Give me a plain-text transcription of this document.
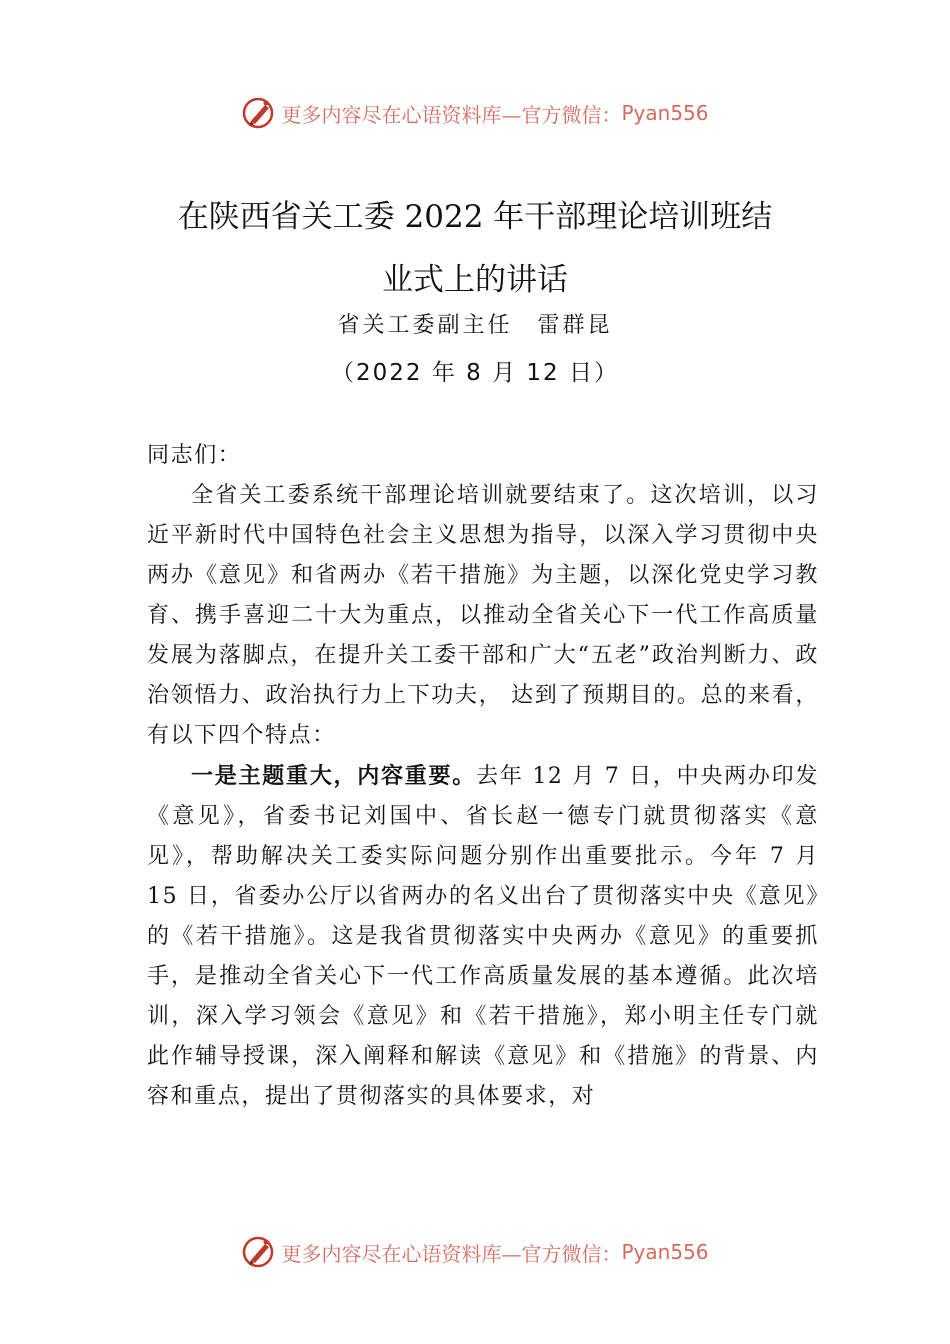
更多内容尽在心语资料库—官方微信： Pyan556
在陕西省关工委 2022 年干部理论培训班结
业式上的讲话
省关工委副主任　雷群昆
（2022 年 8 月 12 日）

同志们：

全省关工委系统干部理论培训就要结束了。这次培训，以习近平新时代中国特色社会主义思想为指导，以深入学习贯彻中央两办《意见》和省两办《若干措施》为主题，以深化党史学习教育、携手喜迎二十大为重点，以推动全省关心下一代工作高质量发展为落脚点，在提升关工委干部和广大“五老”政治判断力、政治领悟力、政治执行力上下功夫， 达到了预期目的。总的来看，有以下四个特点：

一是主题重大，内容重要。去年 12 月 7 日，中央两办印发《意见》，省委书记刘国中、省长赵一德专门就贯彻落实《意见》，帮助解决关工委实际问题分别作出重要批示。今年 7 月 15 日，省委办公厅以省两办的名义出台了贯彻落实中央《意见》的《若干措施》。这是我省贯彻落实中央两办《意见》的重要抓手，是推动全省关心下一代工作高质量发展的基本遵循。此次培训，深入学习领会《意见》和《若干措施》，郑小明主任专门就此作辅导授课，深入阐释和解读《意见》和《措施》的背景、内容和重点，提出了贯彻落实的具体要求，对

更多内容尽在心语资料库—官方微信： Pyan556
